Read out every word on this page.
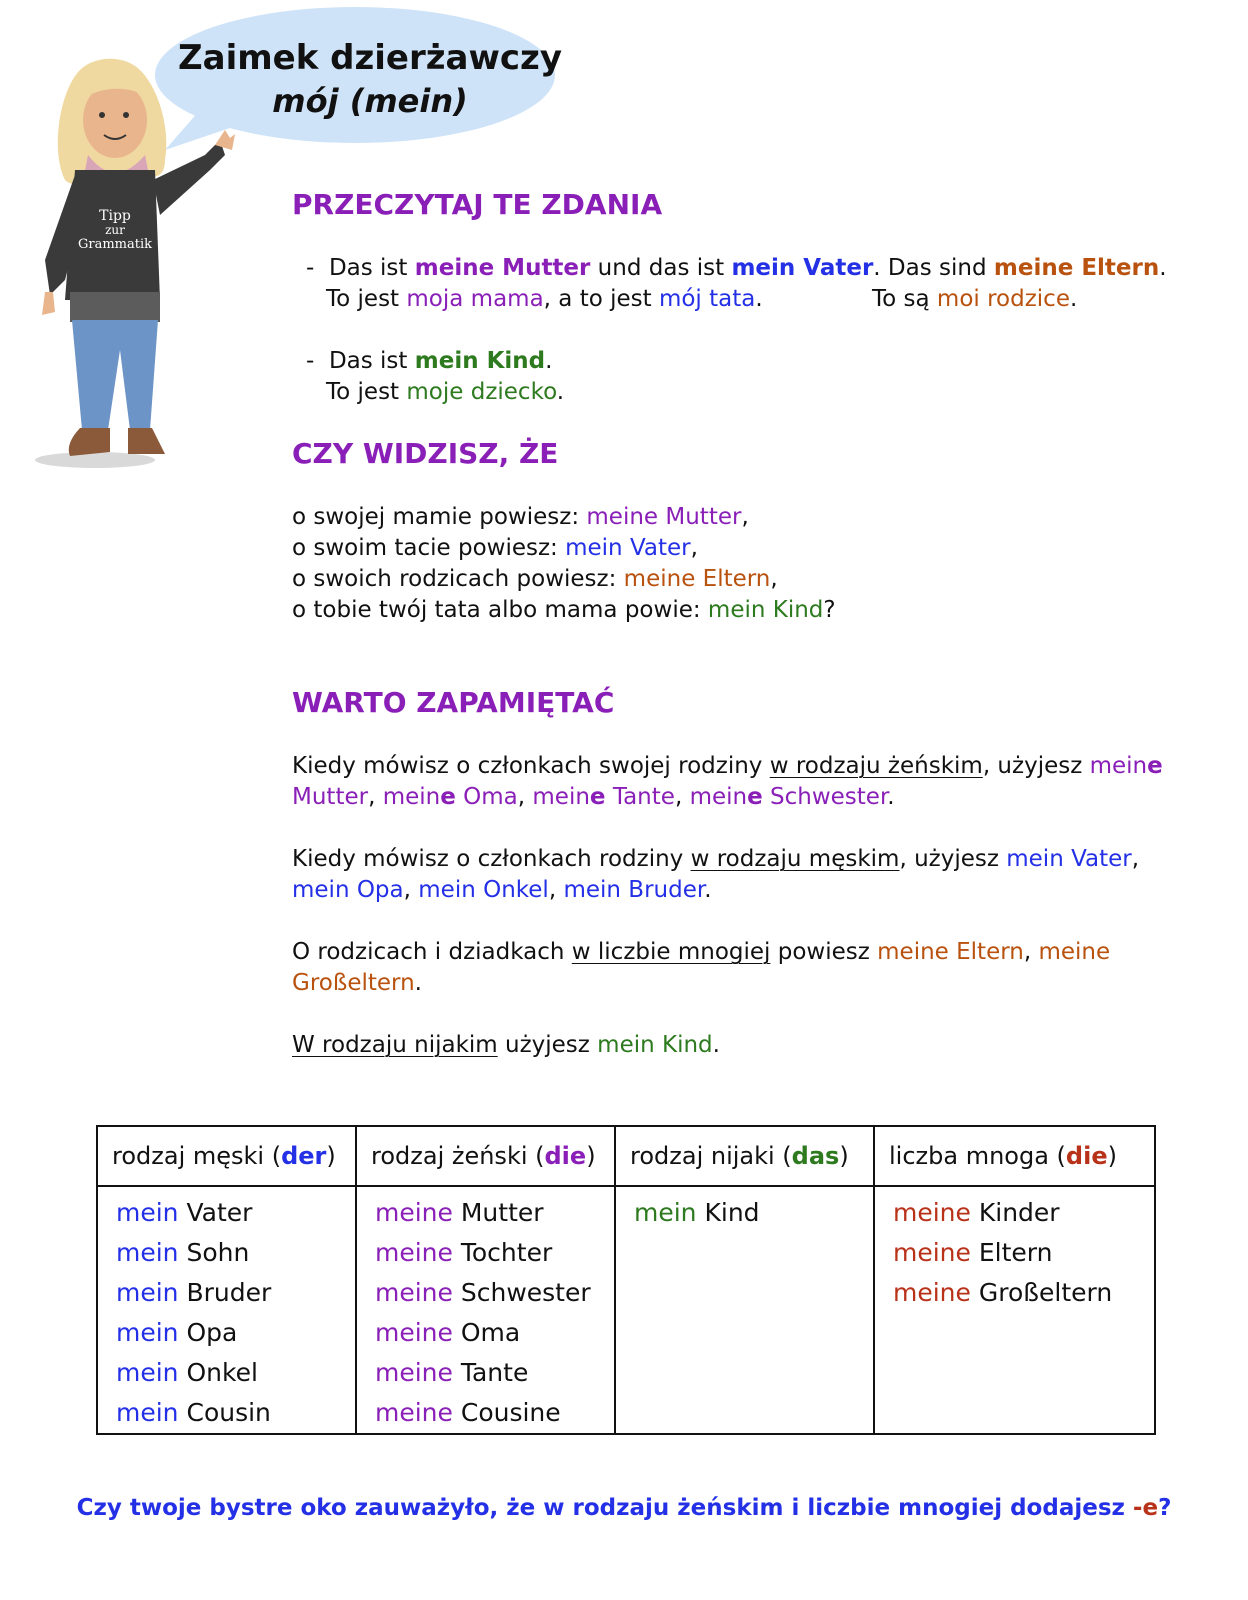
Zaimek dzierżawczy
mój (mein)
Tipp
zur
Grammatik
PRZECZYTAJ TE ZDANIA
- Das ist meine Mutter und das ist mein Vater. Das sind meine Eltern.
To jest moja mama, a to jest mój tata.	To są moi rodzice.
- Das ist mein Kind.
To jest moje dziecko.
CZY WIDZISZ, ŻE
o swojej mamie powiesz: meine Mutter,
o swoim tacie powiesz: mein Vater,
o swoich rodzicach powiesz: meine Eltern,
o tobie twój tata albo mama powie: mein Kind?
WARTO ZAPAMIĘTAĆ
Kiedy mówisz o członkach swojej rodziny w rodzaju żeńskim, użyjesz meine
Mutter, meine Oma, meine Tante, meine Schwester.
Kiedy mówisz o członkach rodziny w rodzaju męskim, użyjesz mein Vater,
mein Opa, mein Onkel, mein Bruder.
O rodzicach i dziadkach w liczbie mnogiej powiesz meine Eltern, meine
Großeltern.
W rodzaju nijakim użyjesz mein Kind.
rodzaj męski (der)
mein Vater
mein Sohn
mein Bruder
mein Opa
mein Onkel
mein Cousin
rodzaj żeński (die)
meine Mutter
meine Tochter
meine Schwester
meine Oma
meine Tante
meine Cousine
rodzaj nijaki (das)
mein Kind
liczba mnoga (die)
meine Kinder
meine Eltern
meine Großeltern
Czy twoje bystre oko zauważyło, że w rodzaju żeńskim i liczbie mnogiej dodajesz -e?
